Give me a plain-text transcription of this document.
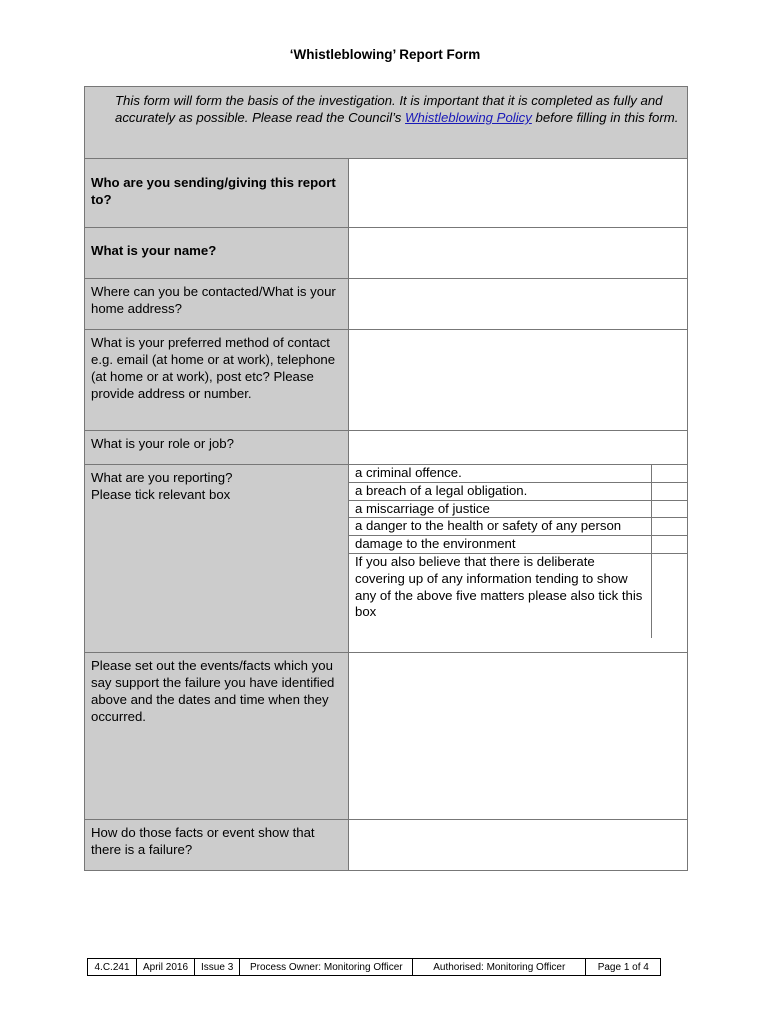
‘Whistleblowing’ Report Form
This form will form the basis of the investigation. It is important that it is completed as fully and accurately as possible. Please read the Council’s Whistleblowing Policy before filling in this form.
Who are you sending/giving this report to?	
What is your name?	
Where can you be contacted/What is your home address?	
What is your preferred method of contact e.g. email (at home or at work), telephone (at home or at work), post etc? Please provide address or number.	
What is your role or job?	

What are you reporting?
Please tick relevant box

a criminal offence.	
a breach of a legal obligation.	
a miscarriage of justice	
a danger to the health or safety of any person	
damage to the environment	
If you also believe that there is deliberate covering up of any information tending to show any of the above five matters please also tick this box	

Please set out the events/facts which you say support the failure you have identified above and the dates and time when they occurred.	
How do those facts or event show that there is a failure?	
4.C.241	April 2016	Issue 3	Process Owner: Monitoring Officer	Authorised: Monitoring Officer	Page 1 of 4
